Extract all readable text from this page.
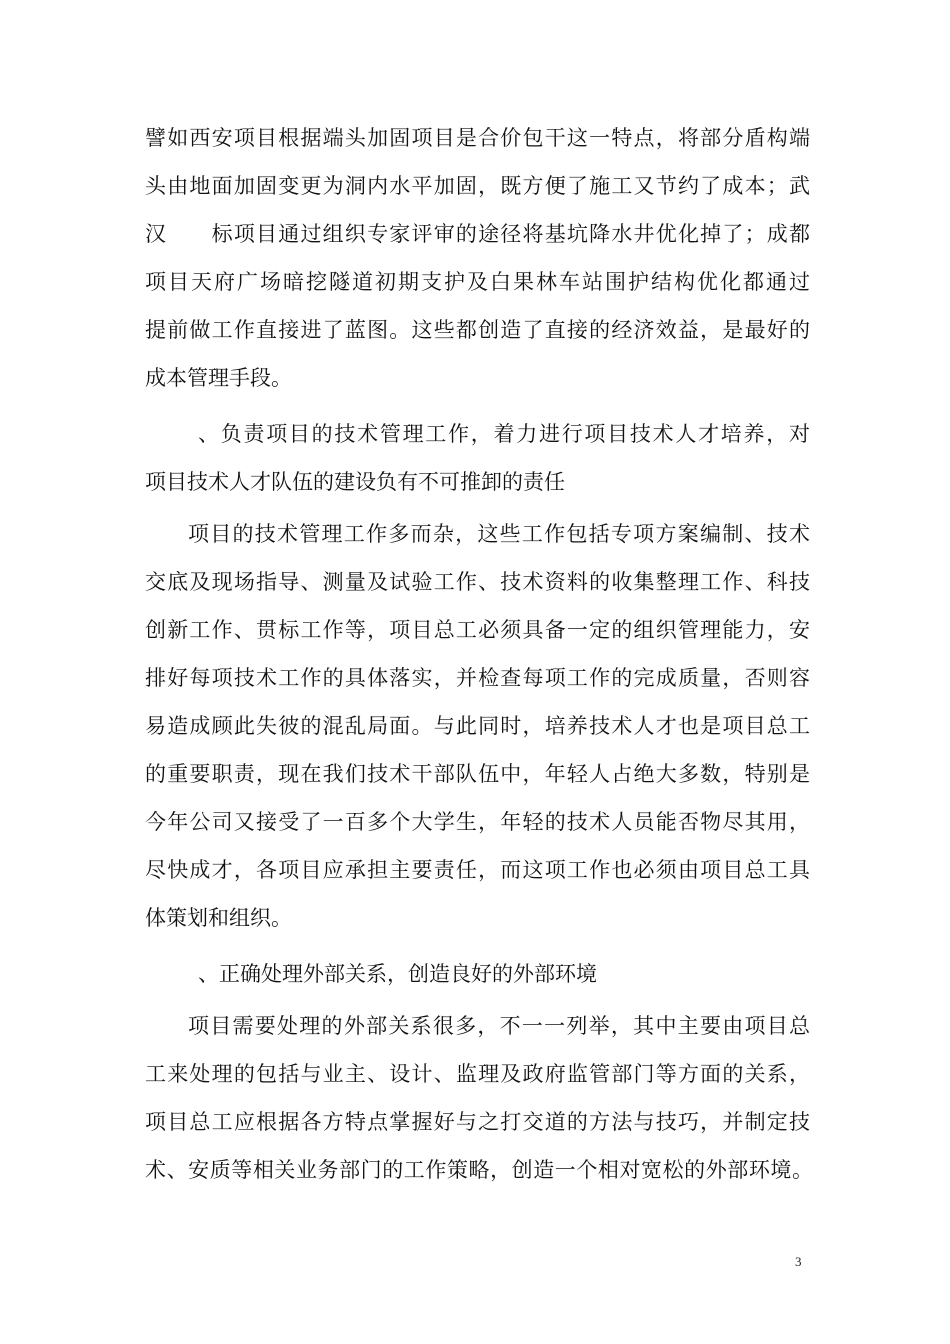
譬如西安项目根据端头加固项目是合价包干这一特点，将部分盾构端
头由地面加固变更为洞内水平加固，既方便了施工又节约了成本；武
汉　　标项目通过组织专家评审的途径将基坑降水井优化掉了；成都
项目天府广场暗挖隧道初期支护及白果林车站围护结构优化都通过
提前做工作直接进了蓝图。这些都创造了直接的经济效益，是最好的
成本管理手段。
、负责项目的技术管理工作，着力进行项目技术人才培养，对
项目技术人才队伍的建设负有不可推卸的责任
项目的技术管理工作多而杂，这些工作包括专项方案编制、技术
交底及现场指导、测量及试验工作、技术资料的收集整理工作、科技
创新工作、贯标工作等，项目总工必须具备一定的组织管理能力，安
排好每项技术工作的具体落实，并检查每项工作的完成质量，否则容
易造成顾此失彼的混乱局面。与此同时，培养技术人才也是项目总工
的重要职责，现在我们技术干部队伍中，年轻人占绝大多数，特别是
今年公司又接受了一百多个大学生，年轻的技术人员能否物尽其用，
尽快成才，各项目应承担主要责任，而这项工作也必须由项目总工具
体策划和组织。
、正确处理外部关系，创造良好的外部环境
项目需要处理的外部关系很多，不一一列举，其中主要由项目总
工来处理的包括与业主、设计、监理及政府监管部门等方面的关系，
项目总工应根据各方特点掌握好与之打交道的方法与技巧，并制定技
术、安质等相关业务部门的工作策略，创造一个相对宽松的外部环境。
3
